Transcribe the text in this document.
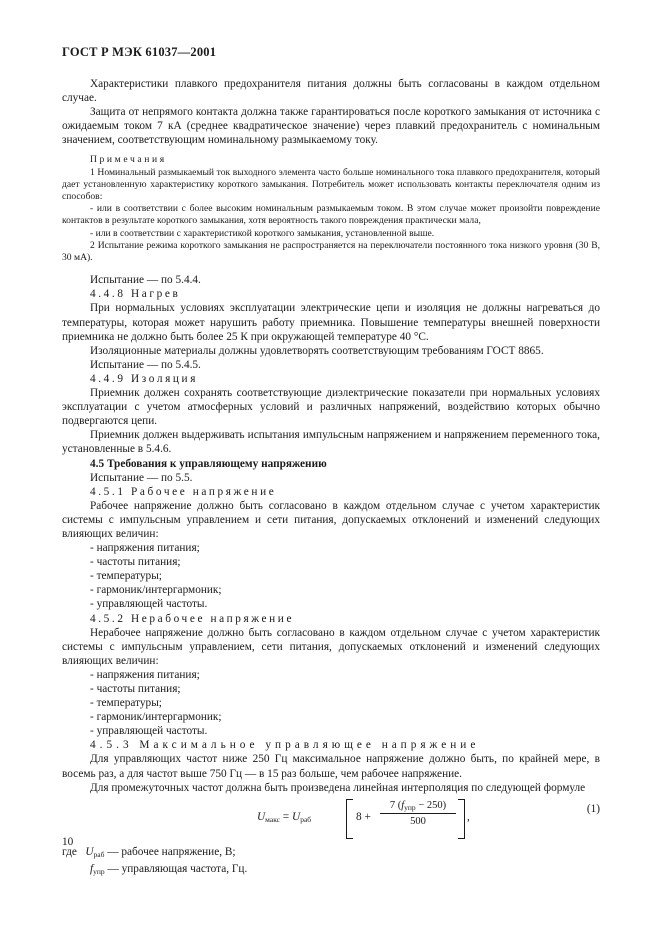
ГОСТ Р МЭК 61037—2001

Характеристики плавкого предохранителя питания должны быть согласованы в каждом отдельном случае.

Защита от непрямого контакта должна также гарантироваться после короткого замыкания от источника с ожидаемым током 7 кА (среднее квадратическое значение) через плавкий предохранитель с номинальным значением, соответствующим номинальному размыкаемому току.

Примечания

1 Номинальный размыкаемый ток выходного элемента часто больше номинального тока плавкого предохранителя, который дает установленную характеристику короткого замыкания. Потребитель может использовать контакты переключателя одним из способов:

- или в соответствии с более высоким номинальным размыкаемым током. В этом случае может произойти повреждение контактов в результате короткого замыкания, хотя вероятность такого повреждения практически мала,

- или в соответствии с характеристикой короткого замыкания, установленной выше.

2 Испытание режима короткого замыкания не распространяется на переключатели постоянного тока низкого уровня (30 В, 30 мА).

Испытание — по 5.4.4.

4.4.8 Нагрев

При нормальных условиях эксплуатации электрические цепи и изоляция не должны нагреваться до температуры, которая может нарушить работу приемника. Повышение температуры внешней поверхности приемника не должно быть более 25 К при окружающей температуре 40 °С.

Изоляционные материалы должны удовлетворять соответствующим требованиям ГОСТ 8865.

Испытание — по 5.4.5.

4.4.9 Изоляция

Приемник должен сохранять соответствующие диэлектрические показатели при нормальных условиях эксплуатации с учетом атмосферных условий и различных напряжений, воздействию которых обычно подвергаются цепи.

Приемник должен выдерживать испытания импульсным напряжением и напряжением переменного тока, установленные в 5.4.6.

4.5 Требования к управляющему напряжению

Испытание — по 5.5.

4.5.1 Рабочее напряжение

Рабочее напряжение должно быть согласовано в каждом отдельном случае с учетом характеристик системы с импульсным управлением и сети питания, допускаемых отклонений и изменений следующих влияющих величин:

- напряжения питания;

- частоты питания;

- температуры;

- гармоник/интергармоник;

- управляющей частоты.

4.5.2 Нерабочее напряжение

Нерабочее напряжение должно быть согласовано в каждом отдельном случае с учетом характеристик системы с импульсным управлением, сети питания, допускаемых отклонений и изменений следующих влияющих величин:

- напряжения питания;

- частоты питания;

- температуры;

- гармоник/интергармоник;

- управляющей частоты.

4.5.3 Максимальное управляющее напряжение

Для управляющих частот ниже 250 Гц максимальное напряжение должно быть, по крайней мере, в восемь раз, а для частот выше 750 Гц — в 15 раз больше, чем рабочее напряжение.

Для промежуточных частот должна быть произведена линейная интерполяция по следующей формуле

$U_{макс} = U_{раб}$	8 +
7 $(f_{упр} - 250)$
500	,
(1)

где $U_{раб}$ — рабочее напряжение, В;

$f_{упр}$ — управляющая частота, Гц.

10
